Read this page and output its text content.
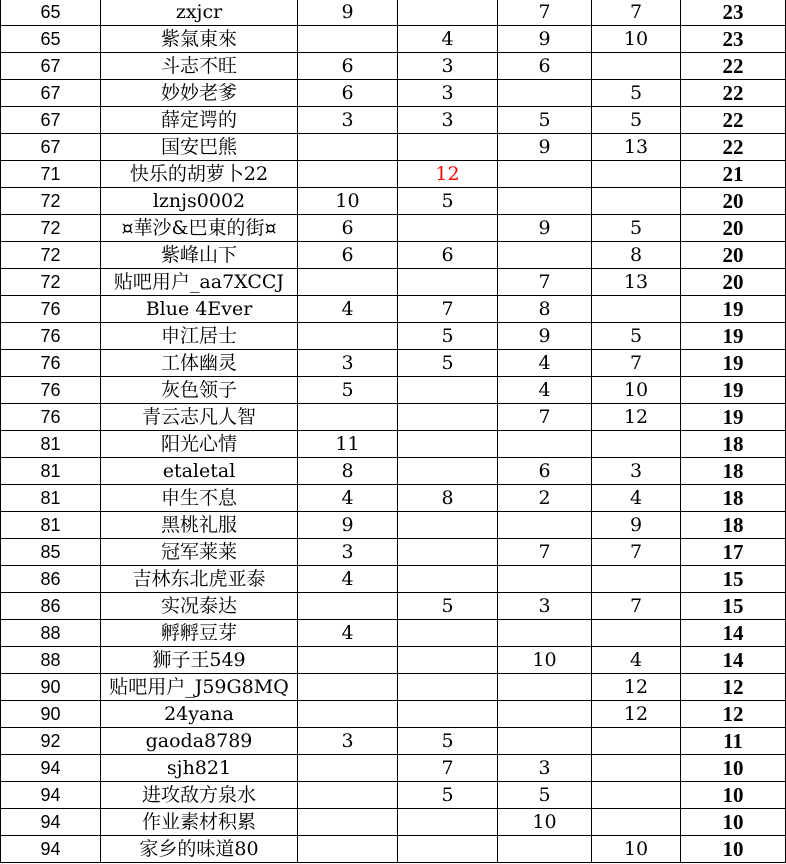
65	zxjcr	9		7	7	23
65	紫氣東來		4	9	10	23
67	斗志不旺	6	3	6		22
67	妙妙老爹	6	3		5	22
67	薛定谔的	3	3	5	5	22
67	国安巴熊			9	13	22
71	快乐的胡萝卜22		12			21
72	lznjs0002	10	5			20
72	¤華沙&巴東的街¤	6		9	5	20
72	紫峰山下	6	6		8	20
72	贴吧用户_aa7XCCJ			7	13	20
76	Blue 4Ever	4	7	8		19
76	申江居士		5	9	5	19
76	工体幽灵	3	5	4	7	19
76	灰色领子	5		4	10	19
76	青云志凡人智			7	12	19
81	阳光心情	11				18
81	etaletal	8		6	3	18
81	申生不息	4	8	2	4	18
81	黑桃礼服	9			9	18
85	冠军莱莱	3		7	7	17
86	吉林东北虎亚泰	4				15
86	实况泰达		5	3	7	15
88	孵孵豆芽	4				14
88	狮子王549			10	4	14
90	贴吧用户_J59G8MQ				12	12
90	24yana				12	12
92	gaoda8789	3	5			11
94	sjh821		7	3		10
94	进攻敌方泉水		5	5		10
94	作业素材积累			10		10
94	家乡的味道80				10	10
